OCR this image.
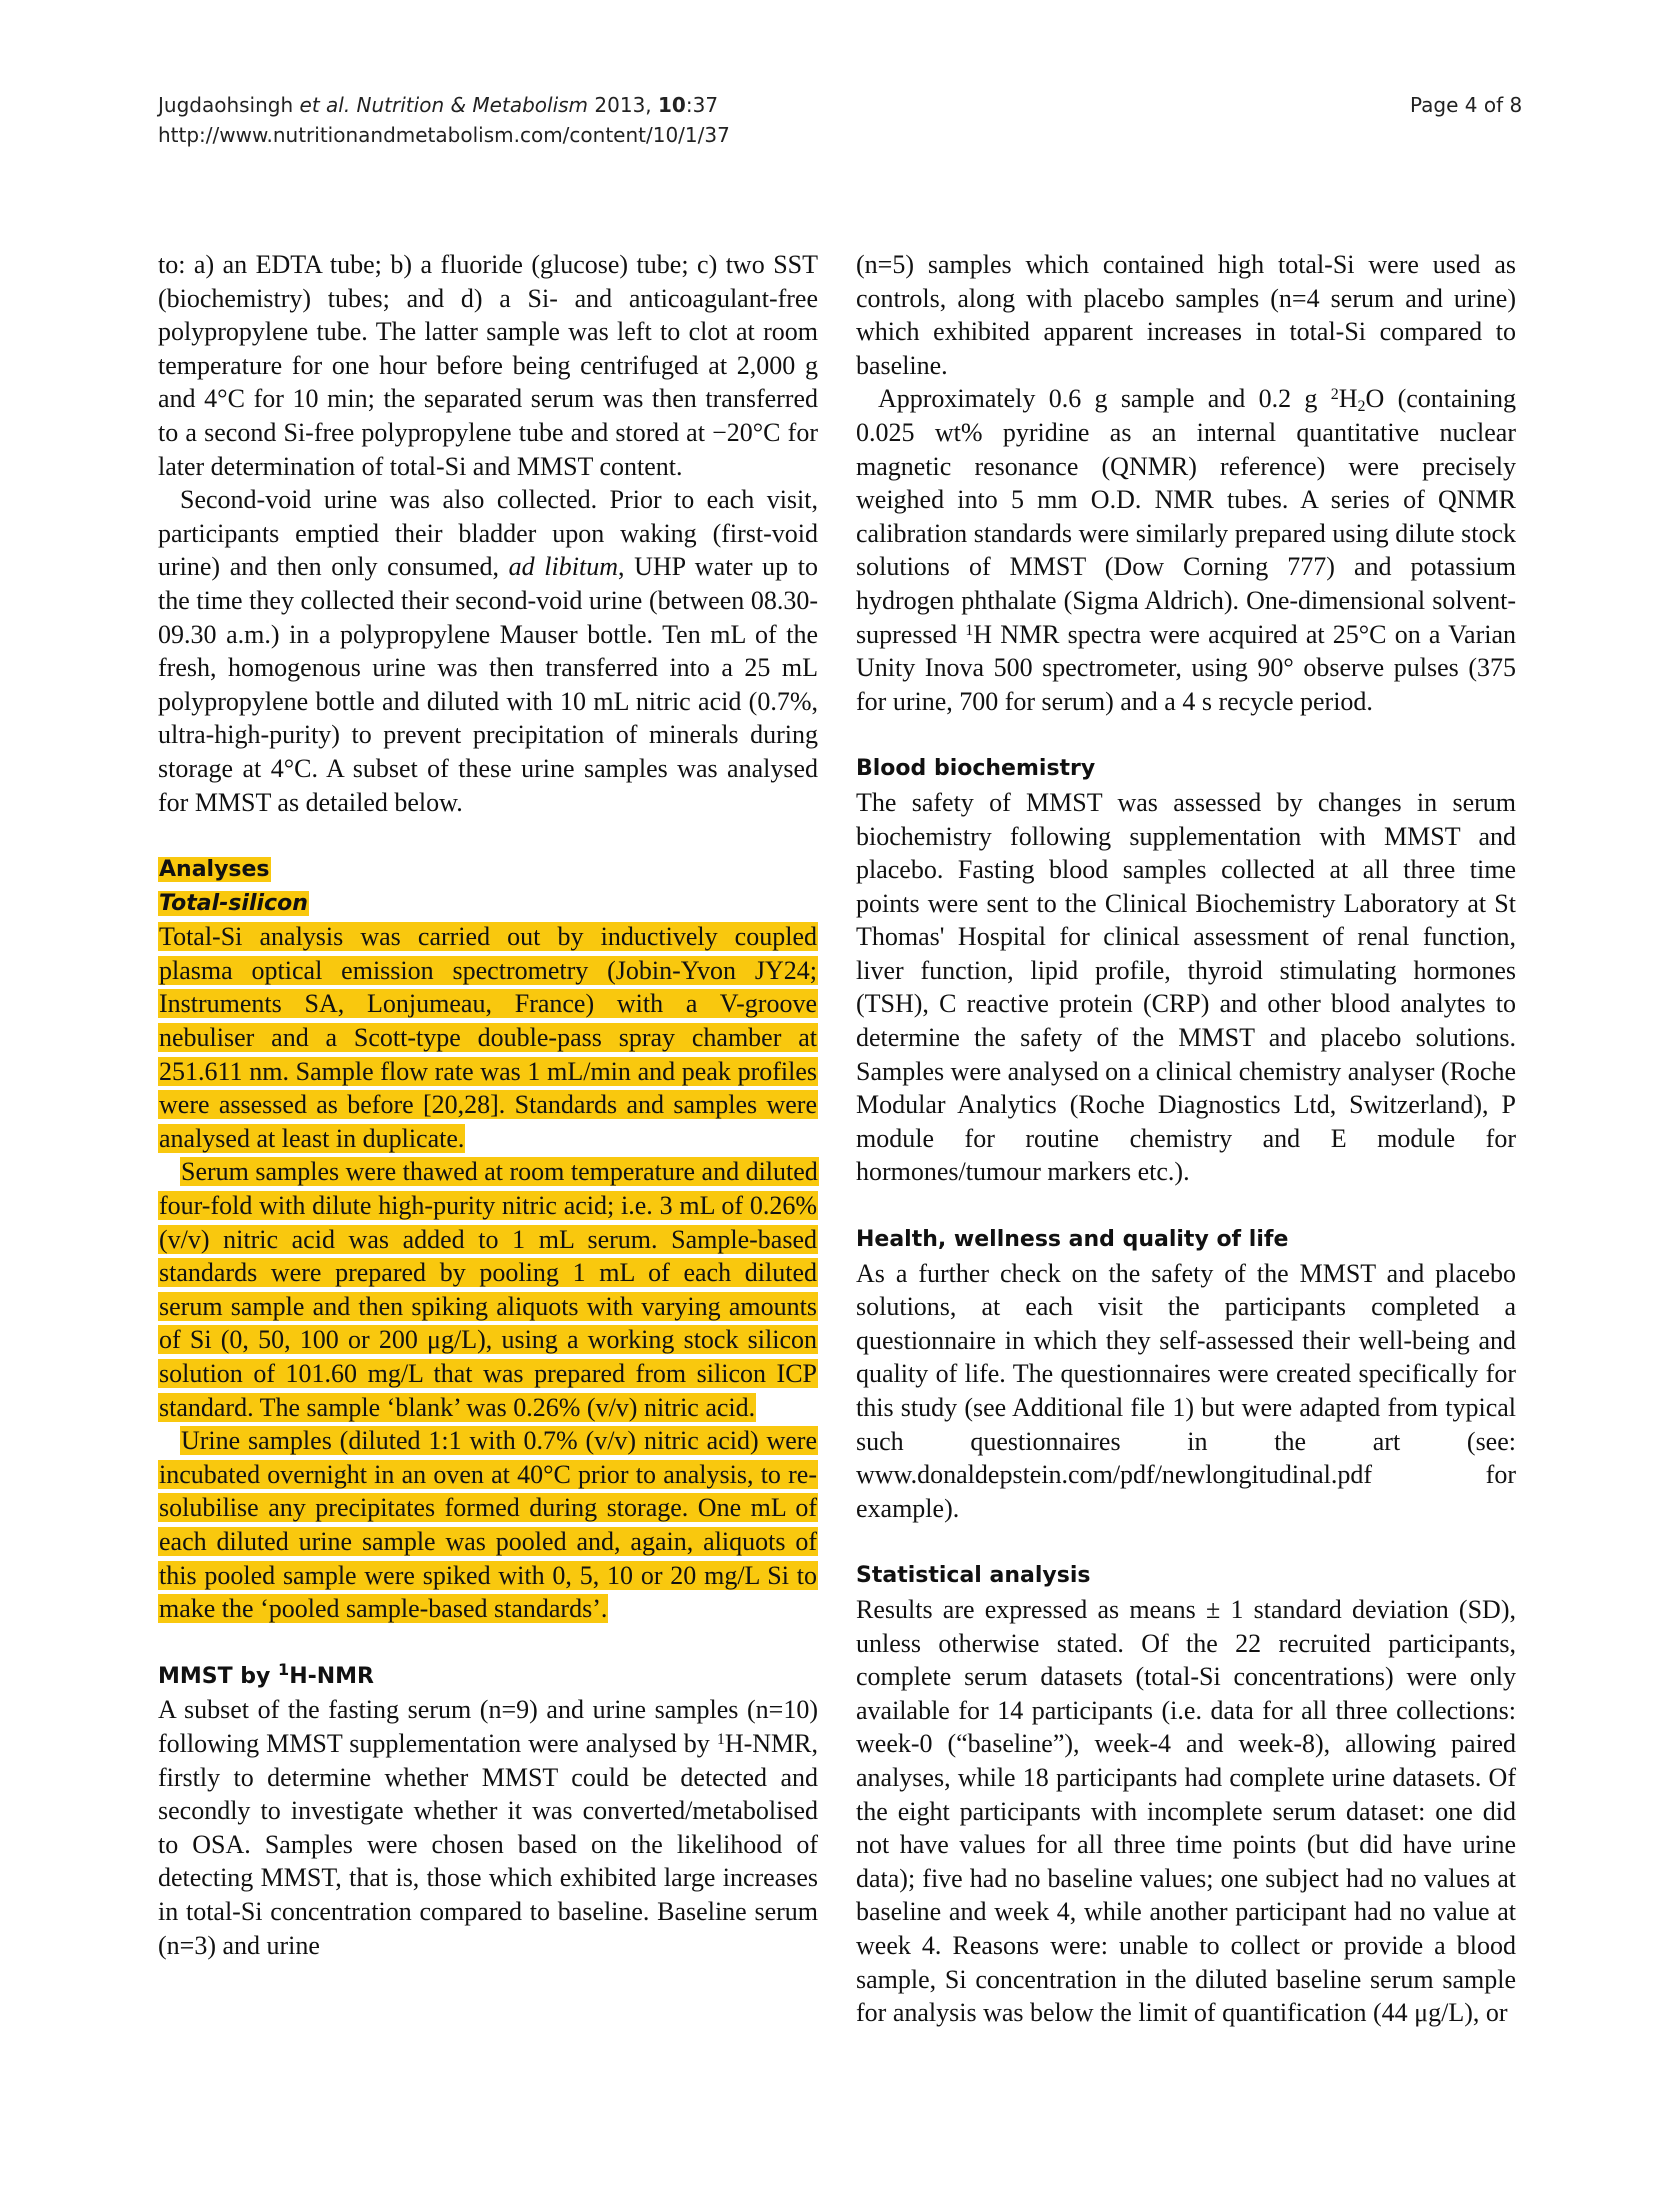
Jugdaohsingh et al. Nutrition & Metabolism 2013, 10:37
http://www.nutritionandmetabolism.com/content/10/1/37
Page 4 of 8

to: a) an EDTA tube; b) a fluoride (glucose) tube; c) two SST (biochemistry) tubes; and d) a Si- and anticoagulant-free polypropylene tube. The latter sample was left to clot at room temperature for one hour before being centrifuged at 2,000 g and 4°C for 10 min; the separated serum was then transferred to a second Si-free polypropylene tube and stored at −20°C for later determination of total-Si and MMST content.

Second-void urine was also collected. Prior to each visit, participants emptied their bladder upon waking (first-void urine) and then only consumed, ad libitum, UHP water up to the time they collected their second-void urine (between 08.30-09.30 a.m.) in a polypropylene Mauser bottle. Ten mL of the fresh, homogenous urine was then transferred into a 25 mL polypropylene bottle and diluted with 10 mL nitric acid (0.7%, ultra-high-purity) to prevent precipitation of minerals during storage at 4°C. A subset of these urine samples was analysed for MMST as detailed below.

Analyses
Total-silicon

Total-Si analysis was carried out by inductively coupled plasma optical emission spectrometry (Jobin-Yvon JY24; Instruments SA, Lonjumeau, France) with a V-groove nebuliser and a Scott-type double-pass spray chamber at 251.611 nm. Sample flow rate was 1 mL/min and peak profiles were assessed as before [20,28]. Standards and samples were analysed at least in duplicate.

Serum samples were thawed at room temperature and diluted four-fold with dilute high-purity nitric acid; i.e. 3 mL of 0.26% (v/v) nitric acid was added to 1 mL serum. Sample-based standards were prepared by pooling 1 mL of each diluted serum sample and then spiking aliquots with varying amounts of Si (0, 50, 100 or 200 μg/L), using a working stock silicon solution of 101.60 mg/L that was prepared from silicon ICP standard. The sample ‘blank’ was 0.26% (v/v) nitric acid.

Urine samples (diluted 1:1 with 0.7% (v/v) nitric acid) were incubated overnight in an oven at 40°C prior to analysis, to re-solubilise any precipitates formed during storage. One mL of each diluted urine sample was pooled and, again, aliquots of this pooled sample were spiked with 0, 5, 10 or 20 mg/L Si to make the ‘pooled sample-based standards’.

MMST by $^1$H-NMR

A subset of the fasting serum (n=9) and urine samples (n=10) following MMST supplementation were analysed by $^1$H-NMR, firstly to determine whether MMST could be detected and secondly to investigate whether it was converted/metabolised to OSA. Samples were chosen based on the likelihood of detecting MMST, that is, those which exhibited large increases in total-Si concentration compared to baseline. Baseline serum (n=3) and urine

(n=5) samples which contained high total-Si were used as controls, along with placebo samples (n=4 serum and urine) which exhibited apparent increases in total-Si compared to baseline.

Approximately 0.6 g sample and 0.2 g $^2H_2O$ (containing 0.025 wt% pyridine as an internal quantitative nuclear magnetic resonance (QNMR) reference) were precisely weighed into 5 mm O.D. NMR tubes. A series of QNMR calibration standards were similarly prepared using dilute stock solutions of MMST (Dow Corning 777) and potassium hydrogen phthalate (Sigma Aldrich). One-dimensional solvent-supressed $^1$H NMR spectra were acquired at 25°C on a Varian Unity Inova 500 spectrometer, using 90° observe pulses (375 for urine, 700 for serum) and a 4 s recycle period.

Blood biochemistry

The safety of MMST was assessed by changes in serum biochemistry following supplementation with MMST and placebo. Fasting blood samples collected at all three time points were sent to the Clinical Biochemistry Laboratory at St Thomas' Hospital for clinical assessment of renal function, liver function, lipid profile, thyroid stimulating hormones (TSH), C reactive protein (CRP) and other blood analytes to determine the safety of the MMST and placebo solutions. Samples were analysed on a clinical chemistry analyser (Roche Modular Analytics (Roche Diagnostics Ltd, Switzerland), P module for routine chemistry and E module for hormones/tumour markers etc.).

Health, wellness and quality of life

As a further check on the safety of the MMST and placebo solutions, at each visit the participants completed a questionnaire in which they self-assessed their well-being and quality of life. The questionnaires were created specifically for this study (see Additional file 1) but were adapted from typical such questionnaires in the art (see: www.donaldepstein.com/pdf/newlongitudinal.pdf for example).

Statistical analysis

Results are expressed as means ± 1 standard deviation (SD), unless otherwise stated. Of the 22 recruited participants, complete serum datasets (total-Si concentrations) were only available for 14 participants (i.e. data for all three collections: week-0 (“baseline”), week-4 and week-8), allowing paired analyses, while 18 participants had complete urine datasets. Of the eight participants with incomplete serum dataset: one did not have values for all three time points (but did have urine data); five had no baseline values; one subject had no values at baseline and week 4, while another participant had no value at week 4. Reasons were: unable to collect or provide a blood sample, Si concentration in the diluted baseline serum sample for analysis was below the limit of quantification (44 μg/L), or
